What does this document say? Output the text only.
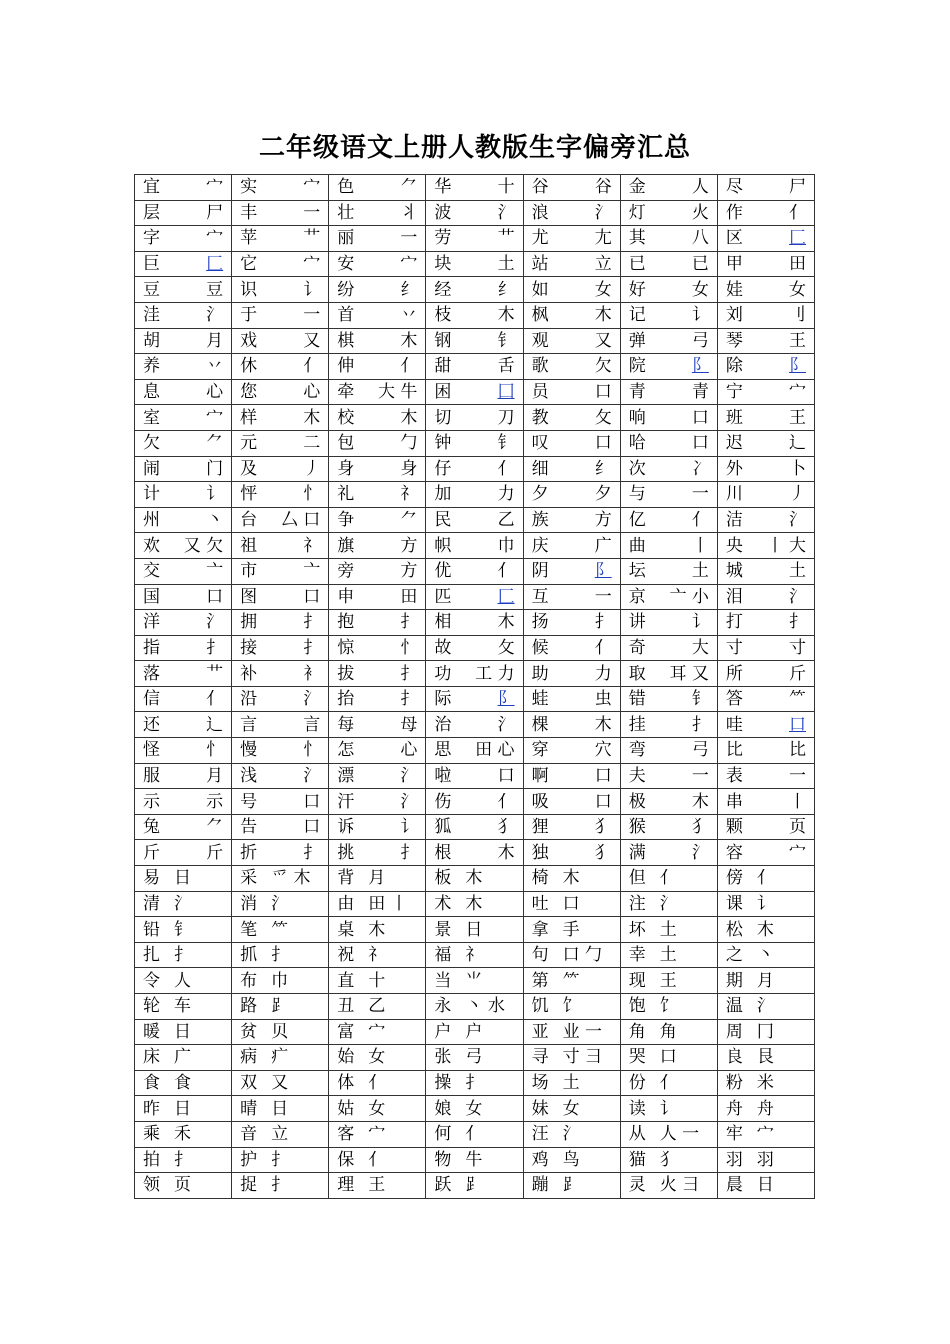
二年级语文上册人教版生字偏旁汇总
宜 宀	实 宀	色 ⺈	华 十	谷 谷	金 人	尽 尸

层 尸	丰 一	壮 丬	波 氵	浪 氵	灯 火	作 亻

字 宀	苹 艹	丽 一	劳 艹	尤 尢	其 八	区 匚

巨 匚	它 宀	安 宀	块 土	站 立	已 已	甲 田

豆 豆	识 讠	纷 纟	经 纟	如 女	好 女	娃 女

洼 氵	于 一	首 丷	枝 木	枫 木	记 讠	刘 刂

胡 月	戏 又	棋 木	钢 钅	观 又	弹 弓	琴 王

养 丷	休 亻	伸 亻	甜 舌	歌 欠	院 阝	除 阝

息 心	您 心	牵 大 牛	困 囗	员 口	青 青	宁 宀

室 宀	样 木	校 木	切 刀	教 攵	响 口	班 王

欠 ⺈	元 二	包 勹	钟 钅	叹 口	哈 口	迟 辶

闹 门	及 丿	身 身	仔 亻	细 纟	次 冫	外 卜

计 讠	怦 忄	礼 礻	加 力	夕 夕	与 一	川 丿

州 丶	台 厶 口	争 ⺈	民 乙	族 方	亿 亻	洁 氵

欢 又 欠	祖 礻	旗 方	帜 巾	庆 广	曲 丨	央 丨 大

交 亠	市 亠	旁 方	优 亻	阴 阝	坛 土	城 土

国 口	图 口	申 田	匹 匚	互 一	京 亠 小	泪 氵

洋 氵	拥 扌	抱 扌	相 木	扬 扌	讲 讠	打 扌

指 扌	接 扌	惊 忄	故 攵	候 亻	奇 大	寸 寸

落 艹	补 衤	拔 扌	功 工 力	助 力	取 耳 又	所 斤

信 亻	沿 氵	抬 扌	际 阝	蛙 虫	错 钅	答 ⺮

还 辶	言 言	每 母	治 氵	棵 木	挂 扌	哇 口

怪 忄	慢 忄	怎 心	思 田 心	穿 穴	弯 弓	比 比

服 月	浅 氵	漂 氵	啦 口	啊 口	夫 一	表 一

示 示	号 口	汗 氵	伤 亻	吸 口	极 木	串 丨

兔 ⺈	告 口	诉 讠	狐 犭	狸 犭	猴 犭	颗 页

斤 斤	折 扌	挑 扌	根 木	独 犭	满 氵	容 宀

易 日	采 爫 木	背 月	板 木	椅 木	但 亻	傍 亻

清 氵	消 氵	由 田 丨	术 木	吐 口	注 氵	课 讠

铅 钅	笔 ⺮	桌 木	景 日	拿 手	坏 土	松 木

扎 扌	抓 扌	祝 礻	福 礻	句 口 勹	幸 土	之 丶

令 人	布 巾	直 十	当 ⺌	第 ⺮	现 王	期 月

轮 车	路 ⻊	丑 乙	永 丶 水	饥 饣	饱 饣	温 氵

暖 日	贫 贝	富 宀	户 户	亚 业 一	角 角	周 冂

床 广	病 疒	始 女	张 弓	寻 寸 彐	哭 口	良 艮

食 食	双 又	体 亻	操 扌	场 土	份 亻	粉 米

昨 日	晴 日	姑 女	娘 女	妹 女	读 讠	舟 舟

乘 禾	音 立	客 宀	何 亻	汪 氵	从 人 一	牢 宀

拍 扌	护 扌	保 亻	物 牛	鸡 鸟	猫 犭	羽 羽

领 页	捉 扌	理 王	跃 ⻊	蹦 ⻊	灵 火 彐	晨 日
